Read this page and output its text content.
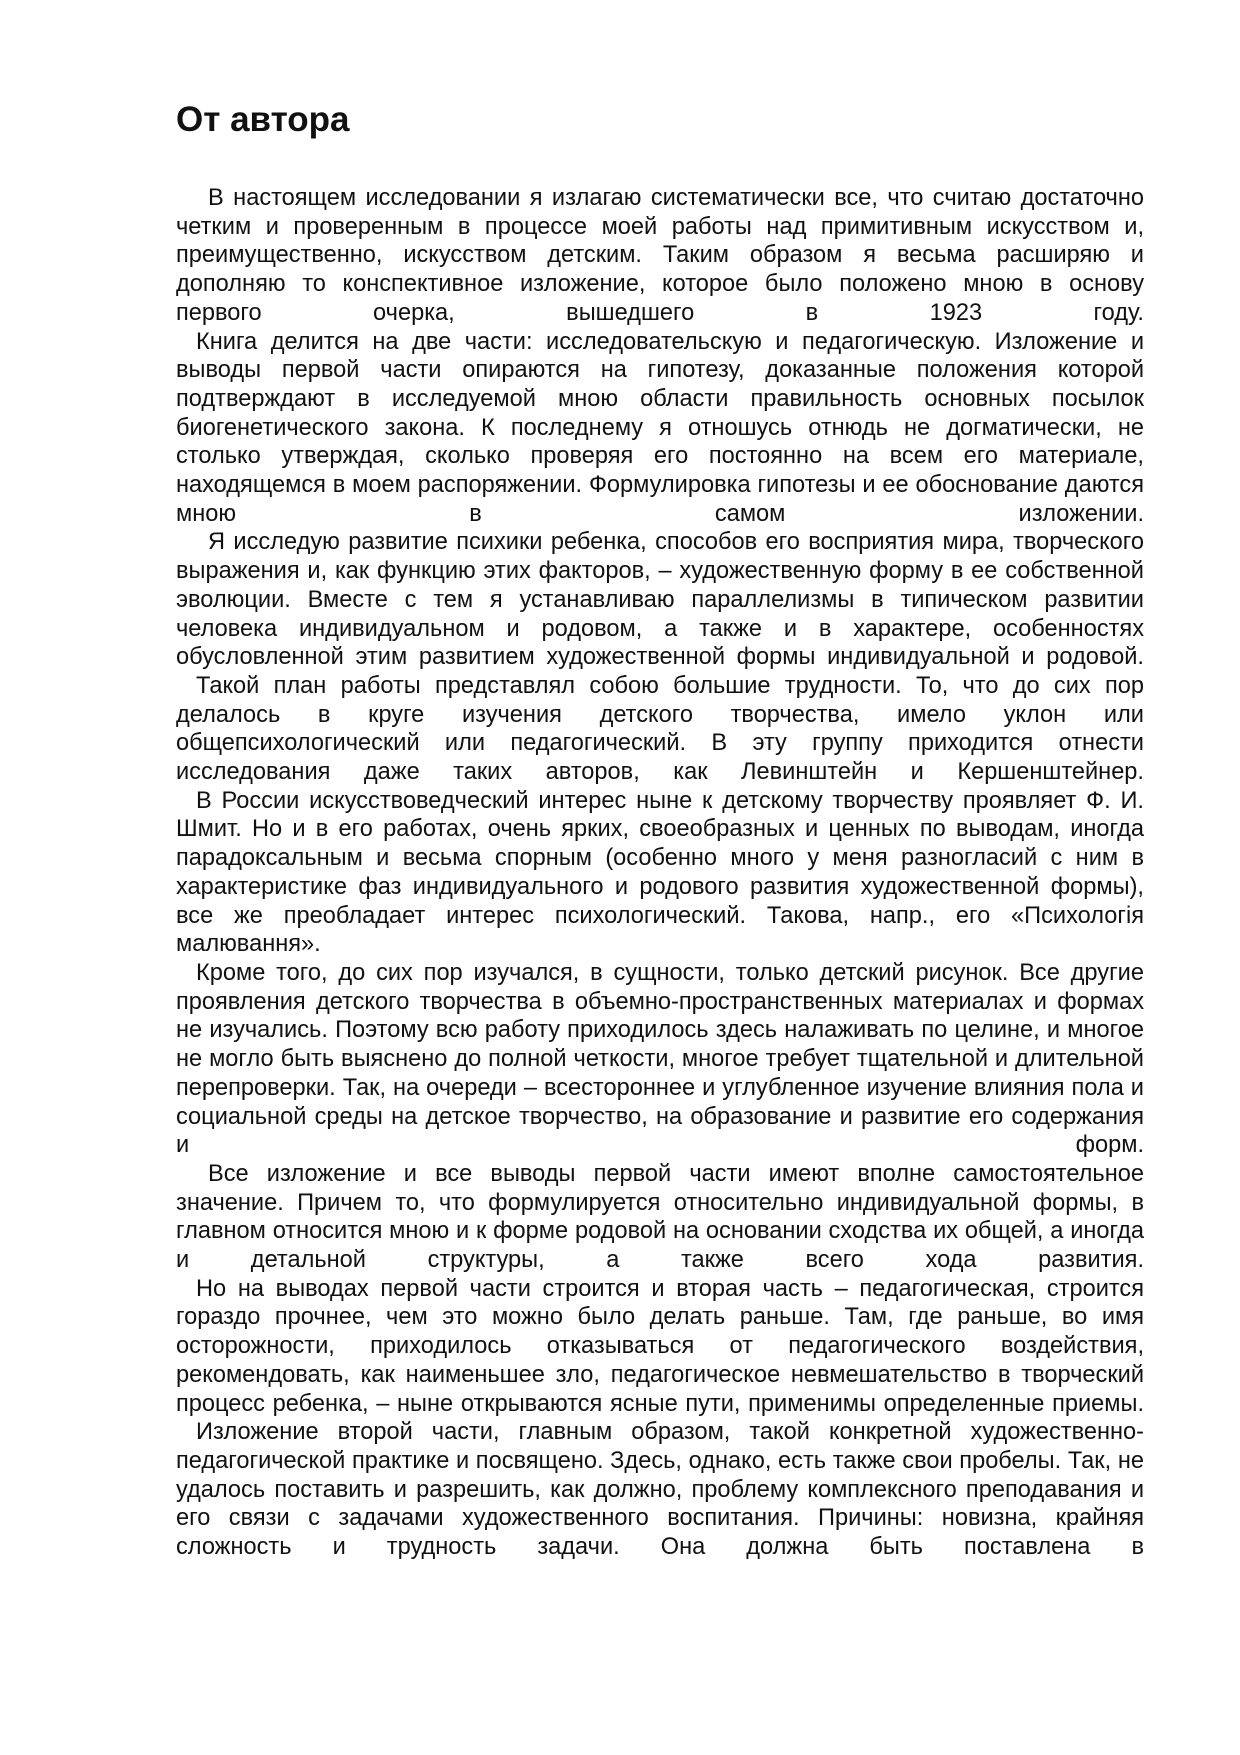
От автора

В настоящем исследовании я излагаю систематически все, что считаю достаточно четким и проверенным в процессе моей работы над примитивным искусством и, преимущественно, искусством детским. Таким образом я весьма расширяю и дополняю то конспективное изложение, которое было положено мною в основу первого очерка, вышедшего в 1923 году.

Книга делится на две части: исследовательскую и педагогическую. Изложение и выводы первой части опираются на гипотезу, доказанные положения которой подтверждают в исследуемой мною области правильность основных посылок биогенетического закона. К последнему я отношусь отнюдь не догматически, не столько утверждая, сколько проверяя его постоянно на всем его материале, находящемся в моем распоряжении. Формулировка гипотезы и ее обоснование даются мною в самом изложении.

Я исследую развитие психики ребенка, способов его восприятия мира, творческого выражения и, как функцию этих факторов, – художественную форму в ее собственной эволюции. Вместе с тем я устанавливаю параллелизмы в типическом развитии человека индивидуальном и родовом, а также и в характере, особенностях обусловленной этим развитием художественной формы индивидуальной и родовой.

Такой план работы представлял собою большие трудности. То, что до сих пор делалось в круге изучения детского творчества, имело уклон или общепсихологический или педагогический. В эту группу приходится отнести исследования даже таких авторов, как Левинштейн и Кершенштейнер.

В России искусствоведческий интерес ныне к детскому творчеству проявляет Ф. И. Шмит. Но и в его работах, очень ярких, своеобразных и ценных по выводам, иногда парадоксальным и весьма спорным (особенно много у меня разногласий с ним в характеристике фаз индивидуального и родового развития художественной формы), все же преобладает интерес психологический. Такова, напр., его «Психологія малювання».

Кроме того, до сих пор изучался, в сущности, только детский рисунок. Все другие проявления детского творчества в объемно-пространственных материалах и формах не изучались. Поэтому всю работу приходилось здесь налаживать по целине, и многое не могло быть выяснено до полной четкости, многое требует тщательной и длительной перепроверки. Так, на очереди – всестороннее и углубленное изучение влияния пола и социальной среды на детское творчество, на образование и развитие его содержания и форм.

Все изложение и все выводы первой части имеют вполне самостоятельное значение. Причем то, что формулируется относительно индивидуальной формы, в главном относится мною и к форме родовой на основании сходства их общей, а иногда и детальной структуры, а также всего хода развития.

Но на выводах первой части строится и вторая часть – педагогическая, строится гораздо прочнее, чем это можно было делать раньше. Там, где раньше, во имя осторожности, приходилось отказываться от педагогического воздействия, рекомендовать, как наименьшее зло, педагогическое невмешательство в творческий процесс ребенка, – ныне открываются ясные пути, применимы определенные приемы.

Изложение второй части, главным образом, такой конкретной художественно-педагогической практике и посвящено. Здесь, однако, есть также свои пробелы. Так, не удалось поставить и разрешить, как должно, проблему комплексного преподавания и его связи с задачами художественного воспитания. Причины: новизна, крайняя сложность и трудность задачи. Она должна быть поставлена в
